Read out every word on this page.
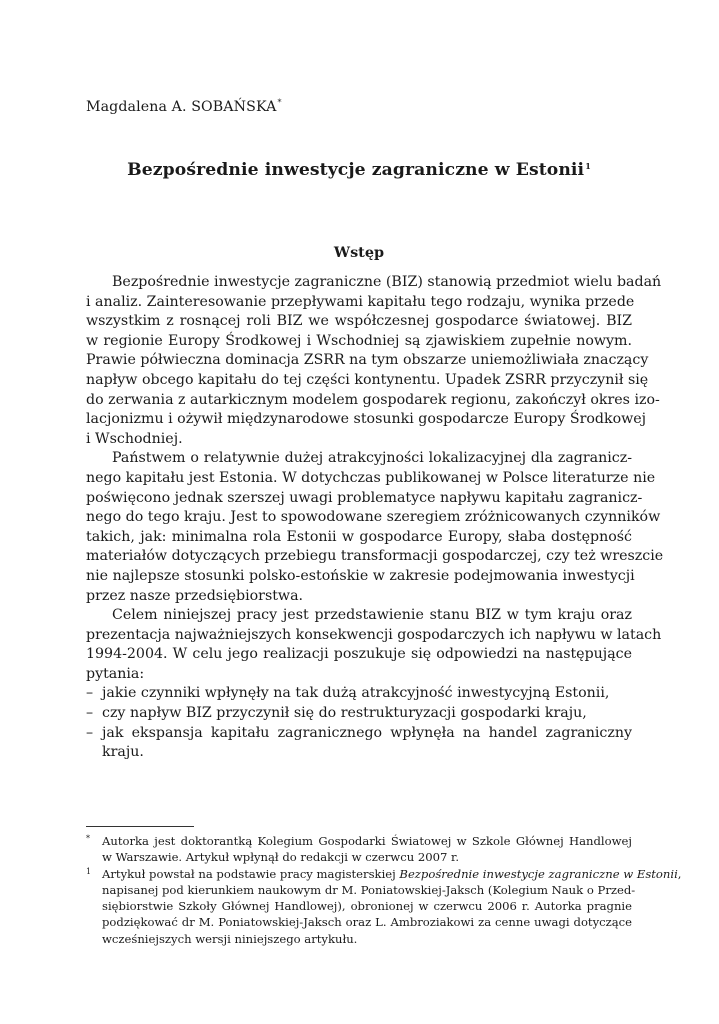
Magdalena A. SOBAŃSKA*
Bezpośrednie inwestycje zagraniczne w Estonii$^1$
Wstęp
Bezpośrednie inwestycje zagraniczne (BIZ) stanowią przedmiot wielu badań
i analiz. Zainteresowanie przepływami kapitału tego rodzaju, wynika przede
wszystkim z rosnącej roli BIZ we współczesnej gospodarce światowej. BIZ
w regionie Europy Środkowej i Wschodniej są zjawiskiem zupełnie nowym.
Prawie półwieczna dominacja ZSRR na tym obszarze uniemożliwiała znaczący
napływ obcego kapitału do tej części kontynentu. Upadek ZSRR przyczynił się
do zerwania z autarkicznym modelem gospodarek regionu, zakończył okres izo-
lacjonizmu i ożywił międzynarodowe stosunki gospodarcze Europy Środkowej
i Wschodniej.
Państwem o relatywnie dużej atrakcyjności lokalizacyjnej dla zagranicz-
nego kapitału jest Estonia. W dotychczas publikowanej w Polsce literaturze nie
poświęcono jednak szerszej uwagi problematyce napływu kapitału zagranicz-
nego do tego kraju. Jest to spowodowane szeregiem zróżnicowanych czynników
takich, jak: minimalna rola Estonii w gospodarce Europy, słaba dostępność
materiałów dotyczących przebiegu transformacji gospodarczej, czy też wreszcie
nie najlepsze stosunki polsko-estońskie w zakresie podejmowania inwestycji
przez nasze przedsiębiorstwa.
Celem niniejszej pracy jest przedstawienie stanu BIZ w tym kraju oraz
prezentacja najważniejszych konsekwencji gospodarczych ich napływu w latach
1994-2004. W celu jego realizacji poszukuje się odpowiedzi na następujące
pytania:
– jakie czynniki wpłynęły na tak dużą atrakcyjność inwestycyjną Estonii,
– czy napływ BIZ przyczynił się do restrukturyzacji gospodarki kraju,
– jak ekspansja kapitału zagranicznego wpłynęła na handel zagraniczny
kraju.
* Autorka jest doktorantką Kolegium Gospodarki Światowej w Szkole Głównej Handlowej
w Warszawie. Artykuł wpłynął do redakcji w czerwcu 2007 r.
1 Artykuł powstał na podstawie pracy magisterskiej Bezpośrednie inwestycje zagraniczne w Estonii,
napisanej pod kierunkiem naukowym dr M. Poniatowskiej-Jaksch (Kolegium Nauk o Przed-
siębiorstwie Szkoły Głównej Handlowej), obronionej w czerwcu 2006 r. Autorka pragnie
podziękować dr M. Poniatowskiej-Jaksch oraz L. Ambroziakowi za cenne uwagi dotyczące
wcześniejszych wersji niniejszego artykułu.
